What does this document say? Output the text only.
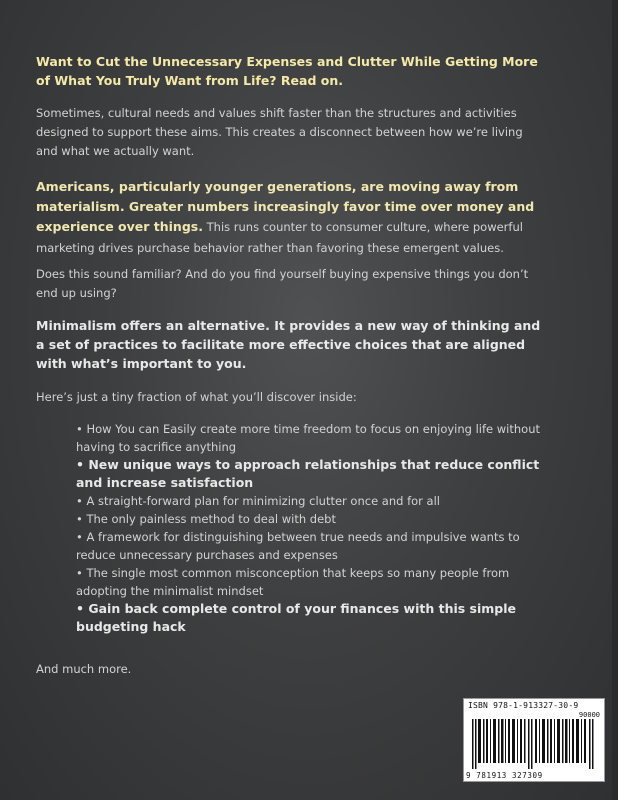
Want to Cut the Unnecessary Expenses and Clutter While Getting More of What You Truly Want from Life? Read on.

Sometimes, cultural needs and values shift faster than the structures and activities designed to support these aims. This creates a disconnect between how we’re living and what we actually want.

Americans, particularly younger generations, are moving away from materialism. Greater numbers increasingly favor time over money and experience over things. This runs counter to consumer culture, where powerful marketing drives purchase behavior rather than favoring these emergent values.

Does this sound familiar? And do you find yourself buying expensive things you don’t end up using?

Minimalism offers an alternative. It provides a new way of thinking and a set of practices to facilitate more effective choices that are aligned with what’s important to you.

Here’s just a tiny fraction of what you’ll discover inside:

• How You can Easily create more time freedom to focus on enjoying life without having to sacrifice anything
• New unique ways to approach relationships that reduce conflict and increase satisfaction
• A straight-forward plan for minimizing clutter once and for all
• The only painless method to deal with debt
• A framework for distinguishing between true needs and impulsive wants to reduce unnecessary purchases and expenses
• The single most common misconception that keeps so many people from adopting the minimalist mindset
• Gain back complete control of your finances with this simple budgeting hack

And much more.

ISBN 978-1-913327-30-9
90000
9 781913 327309
